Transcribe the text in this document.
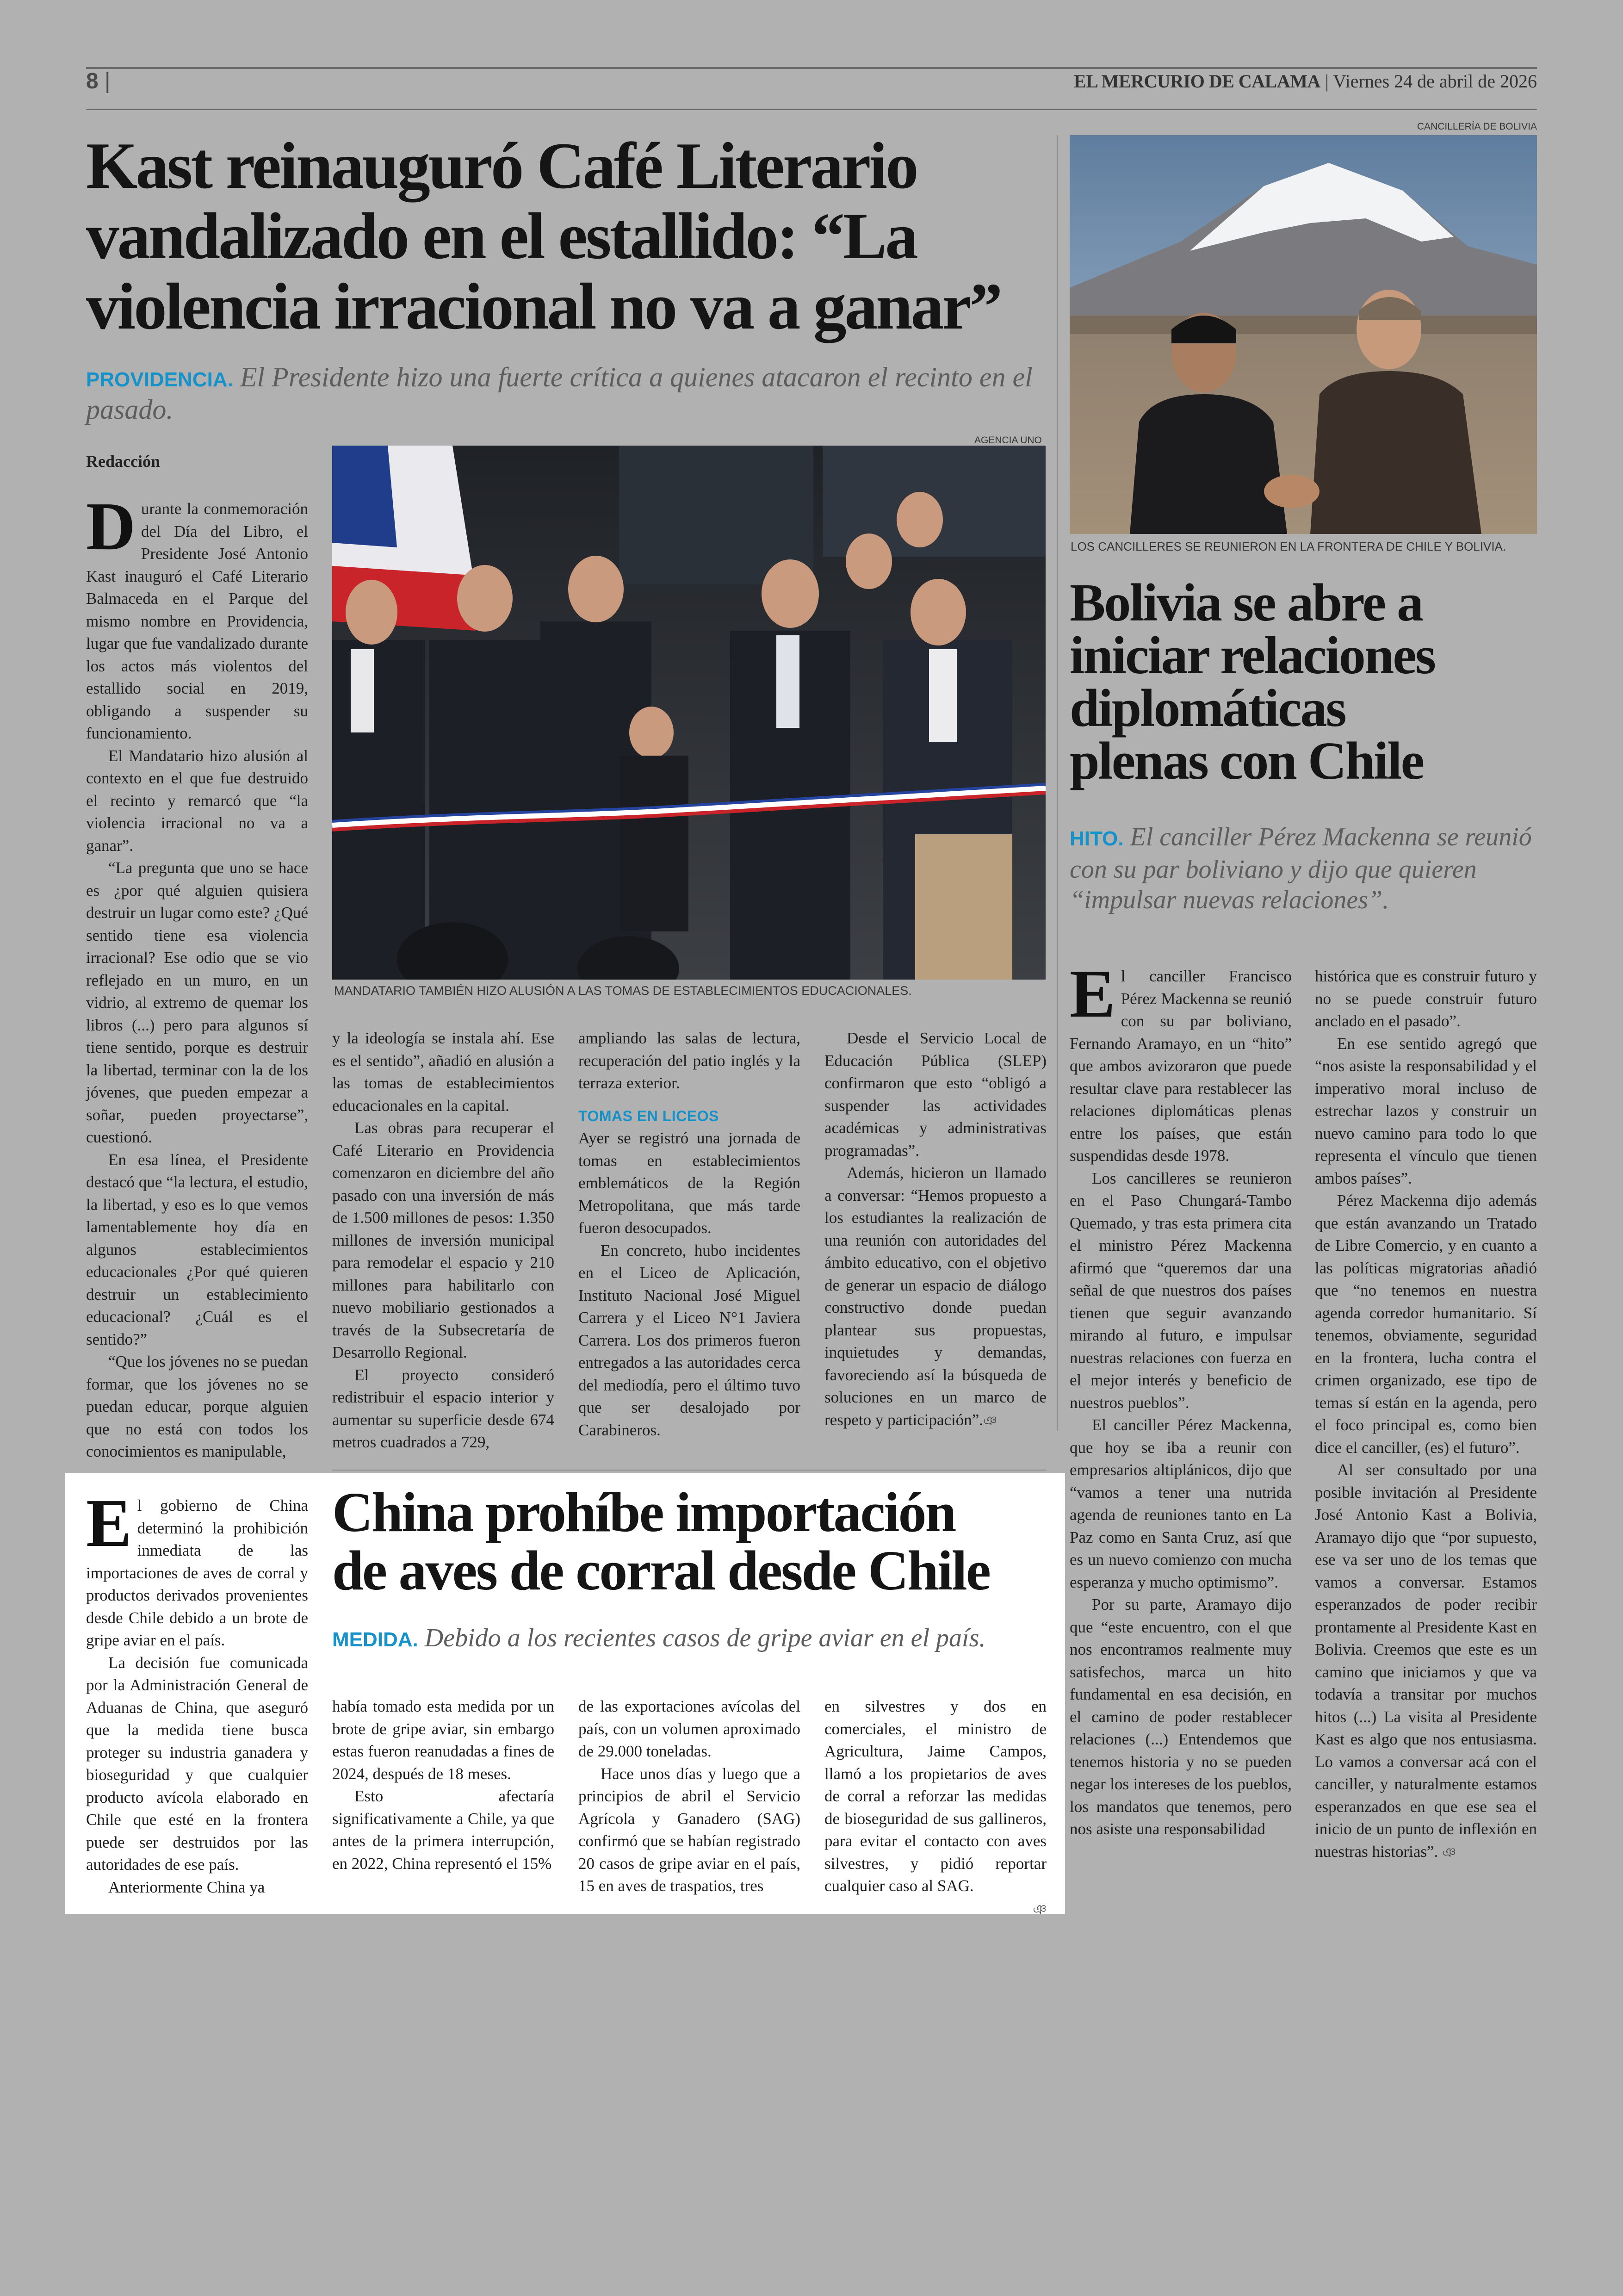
8 |	EL MERCURIO DE CALAMA | Viernes 24 de abril de 2026
Kast reinauguró Café Literario
vandalizado en el estallido: “La
violencia irracional no va a ganar”
PROVIDENCIA. El Presidente hizo una fuerte crítica a quienes atacaron el recinto en el pasado.
Redacción
AGENCIA UNO
MANDATARIO TAMBIÉN HIZO ALUSIÓN A LAS TOMAS DE ESTABLECIMIENTOS EDUCACIONALES.

Durante la conmemoración del Día del Libro, el Presidente José Antonio Kast inauguró el Café Literario Balmaceda en el Parque del mismo nombre en Providencia, lugar que fue vandalizado durante los actos más violentos del estallido social en 2019, obligando a suspender su funcionamiento.

El Mandatario hizo alusión al contexto en el que fue destruido el recinto y remarcó que “la violencia irracional no va a ganar”.

“La pregunta que uno se hace es ¿por qué alguien quisiera destruir un lugar como este? ¿Qué sentido tiene esa violencia irracional? Ese odio que se vio reflejado en un muro, en un vidrio, al extremo de quemar los libros (...) pero para algunos sí tiene sentido, porque es destruir la libertad, terminar con la de los jóvenes, que pueden empezar a soñar, pueden proyectarse”, cuestionó.

En esa línea, el Presidente destacó que “la lectura, el estudio, la libertad, y eso es lo que vemos lamentablemente hoy día en algunos establecimientos educacionales ¿Por qué quieren destruir un establecimiento educacional? ¿Cuál es el sentido?”

“Que los jóvenes no se puedan formar, que los jóvenes no se puedan educar, porque alguien que no está con todos los conocimientos es manipulable,

y la ideología se instala ahí. Ese es el sentido”, añadió en alusión a las tomas de establecimientos educacionales en la capital.

Las obras para recuperar el Café Literario en Providencia comenzaron en diciembre del año pasado con una inversión de más de 1.500 millones de pesos: 1.350 millones de inversión municipal para remodelar el espacio y 210 millones para habilitarlo con nuevo mobiliario gestionados a través de la Subsecretaría de Desarrollo Regional.

El proyecto consideró redistribuir el espacio interior y aumentar su superficie desde 674 metros cuadrados a 729,

ampliando las salas de lectura, recuperación del patio inglés y la terraza exterior.

TOMAS EN LICEOS

Ayer se registró una jornada de tomas en establecimientos emblemáticos de la Región Metropolitana, que más tarde fueron desocupados.

En concreto, hubo incidentes en el Liceo de Aplicación, Instituto Nacional José Miguel Carrera y el Liceo N°1 Javiera Carrera. Los dos primeros fueron entregados a las autoridades cerca del mediodía, pero el último tuvo que ser desalojado por Carabineros.

Desde el Servicio Local de Educación Pública (SLEP) confirmaron que esto “obligó a suspender las actividades académicas y administrativas programadas”.

Además, hicieron un llamado a conversar: “Hemos propuesto a los estudiantes la realización de una reunión con autoridades del ámbito educativo, con el objetivo de generar un espacio de diálogo constructivo donde puedan plantear sus propuestas, inquietudes y demandas, favoreciendo así la búsqueda de soluciones en un marco de respeto y participación”.ঞ

CANCILLERÍA DE BOLIVIA
LOS CANCILLERES SE REUNIERON EN LA FRONTERA DE CHILE Y BOLIVIA.
Bolivia se abre a
iniciar relaciones
diplomáticas
plenas con Chile
HITO. El canciller Pérez Mackenna se reunió con su par boliviano y dijo que quieren “impulsar nuevas relaciones”.

El canciller Francisco Pérez Mackenna se reunió con su par boliviano, Fernando Aramayo, en un “hito” que ambos avizoraron que puede resultar clave para restablecer las relaciones diplomáticas plenas entre los países, que están suspendidas desde 1978.

Los cancilleres se reunieron en el Paso Chungará-Tambo Quemado, y tras esta primera cita el ministro Pérez Mackenna afirmó que “queremos dar una señal de que nuestros dos países tienen que seguir avanzando mirando al futuro, e impulsar nuestras relaciones con fuerza en el mejor interés y beneficio de nuestros pueblos”.

El canciller Pérez Mackenna, que hoy se iba a reunir con empresarios altiplánicos, dijo que “vamos a tener una nutrida agenda de reuniones tanto en La Paz como en Santa Cruz, así que es un nuevo comienzo con mucha esperanza y mucho optimismo”.

Por su parte, Aramayo dijo que “este encuentro, con el que nos encontramos realmente muy satisfechos, marca un hito fundamental en esa decisión, en el camino de poder restablecer relaciones (...) Entendemos que tenemos historia y no se pueden negar los intereses de los pueblos, los mandatos que tenemos, pero nos asiste una responsabilidad

histórica que es construir futuro y no se puede construir futuro anclado en el pasado”.

En ese sentido agregó que “nos asiste la responsabilidad y el imperativo moral incluso de estrechar lazos y construir un nuevo camino para todo lo que representa el vínculo que tienen ambos países”.

Pérez Mackenna dijo además que están avanzando un Tratado de Libre Comercio, y en cuanto a las políticas migratorias añadió que “no tenemos en nuestra agenda corredor humanitario. Sí tenemos, obviamente, seguridad en la frontera, lucha contra el crimen organizado, ese tipo de temas sí están en la agenda, pero el foco principal es, como bien dice el canciller, (es) el futuro”.

Al ser consultado por una posible invitación al Presidente José Antonio Kast a Bolivia, Aramayo dijo que “por supuesto, ese va ser uno de los temas que vamos a conversar. Estamos esperanzados de poder recibir prontamente al Presidente Kast en Bolivia. Creemos que este es un camino que iniciamos y que va todavía a transitar por muchos hitos (...) La visita al Presidente Kast es algo que nos entusiasma. Lo vamos a conversar acá con el canciller, y naturalmente estamos esperanzados en que ese sea el inicio de un punto de inflexión en nuestras historias”. ঞ

El gobierno de China determinó la prohibición inmediata de las importaciones de aves de corral y productos derivados provenientes desde Chile debido a un brote de gripe aviar en el país.

La decisión fue comunicada por la Administración General de Aduanas de China, que aseguró que la medida tiene busca proteger su industria ganadera y bioseguridad y que cualquier producto avícola elaborado en Chile que esté en la frontera puede ser destruidos por las autoridades de ese país.

Anteriormente China ya

China prohíbe importación
de aves de corral desde Chile
MEDIDA. Debido a los recientes casos de gripe aviar en el país.

había tomado esta medida por un brote de gripe aviar, sin embargo estas fueron reanudadas a fines de 2024, después de 18 meses.

Esto afectaría significativamente a Chile, ya que antes de la primera interrupción, en 2022, China representó el 15%

de las exportaciones avícolas del país, con un volumen aproximado de 29.000 toneladas.

Hace unos días y luego que a principios de abril el Servicio Agrícola y Ganadero (SAG) confirmó que se habían registrado 20 casos de gripe aviar en el país, 15 en aves de traspatios, tres

en silvestres y dos en comerciales, el ministro de Agricultura, Jaime Campos, llamó a los propietarios de aves de corral a reforzar las medidas de bioseguridad de sus gallineros, para evitar el contacto con aves silvestres, y pidió reportar cualquier caso al SAG.

ঞ
